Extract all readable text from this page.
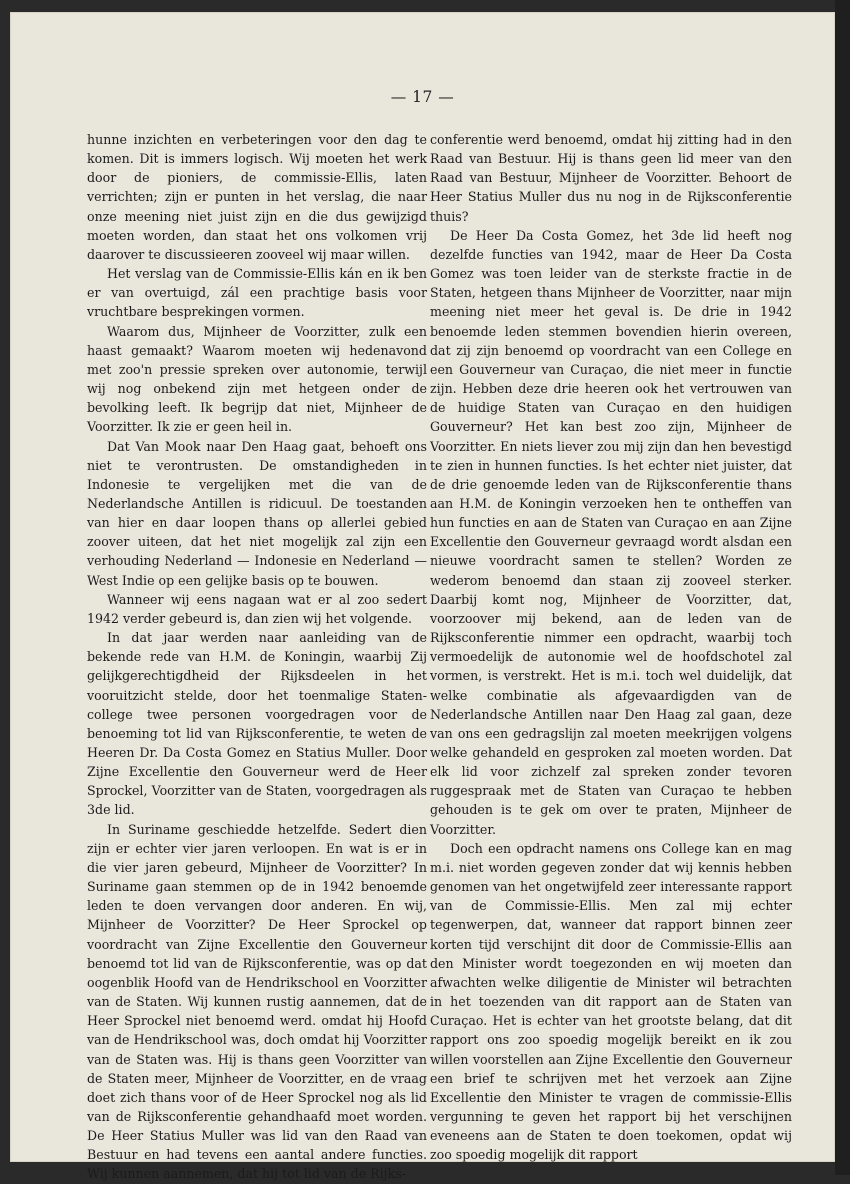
— 17 —

hunne inzichten en verbeteringen voor den dag te komen. Dit is immers logisch. Wij moeten het werk door de pioniers, de commissie-Ellis, laten verrichten; zijn er punten in het verslag, die naar onze meening niet juist zijn en die dus gewijzigd moeten worden, dan staat het ons volkomen vrij daarover te discussieeren zooveel wij maar willen.

Het verslag van de Commissie-Ellis kán en ik ben er van overtuigd, zál een prachtige basis voor vruchtbare besprekingen vormen.

Waarom dus, Mijnheer de Voorzitter, zulk een haast gemaakt? Waarom moeten wij hedenavond met zoo'n pressie spreken over autonomie, terwijl wij nog onbekend zijn met hetgeen onder de bevolking leeft. Ik begrijp dat niet, Mijnheer de Voorzitter. Ik zie er geen heil in.

Dat Van Mook naar Den Haag gaat, behoeft ons niet te verontrusten. De omstandigheden in Indonesie te vergelijken met die van de Nederlandsche Antillen is ridicuul. De toestanden van hier en daar loopen thans op allerlei gebied zoover uiteen, dat het niet mogelijk zal zijn een verhouding Nederland — Indonesie en Nederland — West Indie op een gelijke basis op te bouwen.

Wanneer wij eens nagaan wat er al zoo sedert 1942 verder gebeurd is, dan zien wij het volgende.

In dat jaar werden naar aanleiding van de bekende rede van H.M. de Koningin, waarbij Zij gelijkgerechtigdheid der Rijksdeelen in het vooruitzicht stelde, door het toenmalige Staten-college twee personen voorgedragen voor de benoeming tot lid van Rijksconferentie, te weten de Heeren Dr. Da Costa Gomez en Statius Muller. Door Zijne Excellentie den Gouverneur werd de Heer Sprockel, Voorzitter van de Staten, voorgedragen als 3de lid.

In Suriname geschiedde hetzelfde. Sedert dien zijn er echter vier jaren verloopen. En wat is er in die vier jaren gebeurd, Mijnheer de Voorzitter? In Suriname gaan stemmen op de in 1942 benoemde leden te doen vervangen door anderen. En wij, Mijnheer de Voorzitter? De Heer Sprockel op voordracht van Zijne Excellentie den Gouverneur benoemd tot lid van de Rijksconferentie, was op dat oogenblik Hoofd van de Hendrikschool en Voorzitter van de Staten. Wij kunnen rustig aannemen, dat de Heer Sprockel niet benoemd werd. omdat hij Hoofd van de Hendrikschool was, doch omdat hij Voorzitter van de Staten was. Hij is thans geen Voorzitter van de Staten meer, Mijnheer de Voorzitter, en de vraag doet zich thans voor of de Heer Sprockel nog als lid van de Rijksconferentie gehandhaafd moet worden. De Heer Statius Muller was lid van den Raad van Bestuur en had tevens een aantal andere functies. Wij kunnen aannemen, dat hij tot lid van de Rijks-

conferentie werd benoemd, omdat hij zitting had in den Raad van Bestuur. Hij is thans geen lid meer van den Raad van Bestuur, Mijnheer de Voorzitter. Behoort de Heer Statius Muller dus nu nog in de Rijksconferentie thuis?

De Heer Da Costa Gomez, het 3de lid heeft nog dezelfde functies van 1942, maar de Heer Da Costa Gomez was toen leider van de sterkste fractie in de Staten, hetgeen thans Mijnheer de Voorzitter, naar mijn meening niet meer het geval is. De drie in 1942 benoemde leden stemmen bovendien hierin overeen, dat zij zijn benoemd op voordracht van een College en een Gouverneur van Curaçao, die niet meer in functie zijn. Hebben deze drie heeren ook het vertrouwen van de huidige Staten van Curaçao en den huidigen Gouverneur? Het kan best zoo zijn, Mijnheer de Voorzitter. En niets liever zou mij zijn dan hen bevestigd te zien in hunnen functies. Is het echter niet juister, dat de drie genoemde leden van de Rijksconferentie thans aan H.M. de Koningin verzoeken hen te ontheffen van hun functies en aan de Staten van Curaçao en aan Zijne Excellentie den Gouverneur gevraagd wordt alsdan een nieuwe voordracht samen te stellen? Worden ze wederom benoemd dan staan zij zooveel sterker. Daarbij komt nog, Mijnheer de Voorzitter, dat, voorzoover mij bekend, aan de leden van de Rijksconferentie nimmer een opdracht, waarbij toch vermoedelijk de autonomie wel de hoofdschotel zal vormen, is verstrekt. Het is m.i. toch wel duidelijk, dat welke combinatie als afgevaardigden van de Nederlandsche Antillen naar Den Haag zal gaan, deze van ons een gedragslijn zal moeten meekrijgen volgens welke gehandeld en gesproken zal moeten worden. Dat elk lid voor zichzelf zal spreken zonder tevoren ruggespraak met de Staten van Curaçao te hebben gehouden is te gek om over te praten, Mijnheer de Voorzitter.

Doch een opdracht namens ons College kan en mag m.i. niet worden gegeven zonder dat wij kennis hebben genomen van het ongetwijfeld zeer interessante rapport van de Commissie-Ellis. Men zal mij echter tegenwerpen, dat, wanneer dat rapport binnen zeer korten tijd verschijnt dit door de Commissie-Ellis aan den Minister wordt toegezonden en wij moeten dan afwachten welke diligentie de Minister wil betrachten in het toezenden van dit rapport aan de Staten van Curaçao. Het is echter van het grootste belang, dat dit rapport ons zoo spoedig mogelijk bereikt en ik zou willen voorstellen aan Zijne Excellentie den Gouverneur een brief te schrijven met het verzoek aan Zijne Excellentie den Minister te vragen de commissie-Ellis vergunning te geven het rapport bij het verschijnen eveneens aan de Staten te doen toekomen, opdat wij zoo spoedig mogelijk dit rapport
